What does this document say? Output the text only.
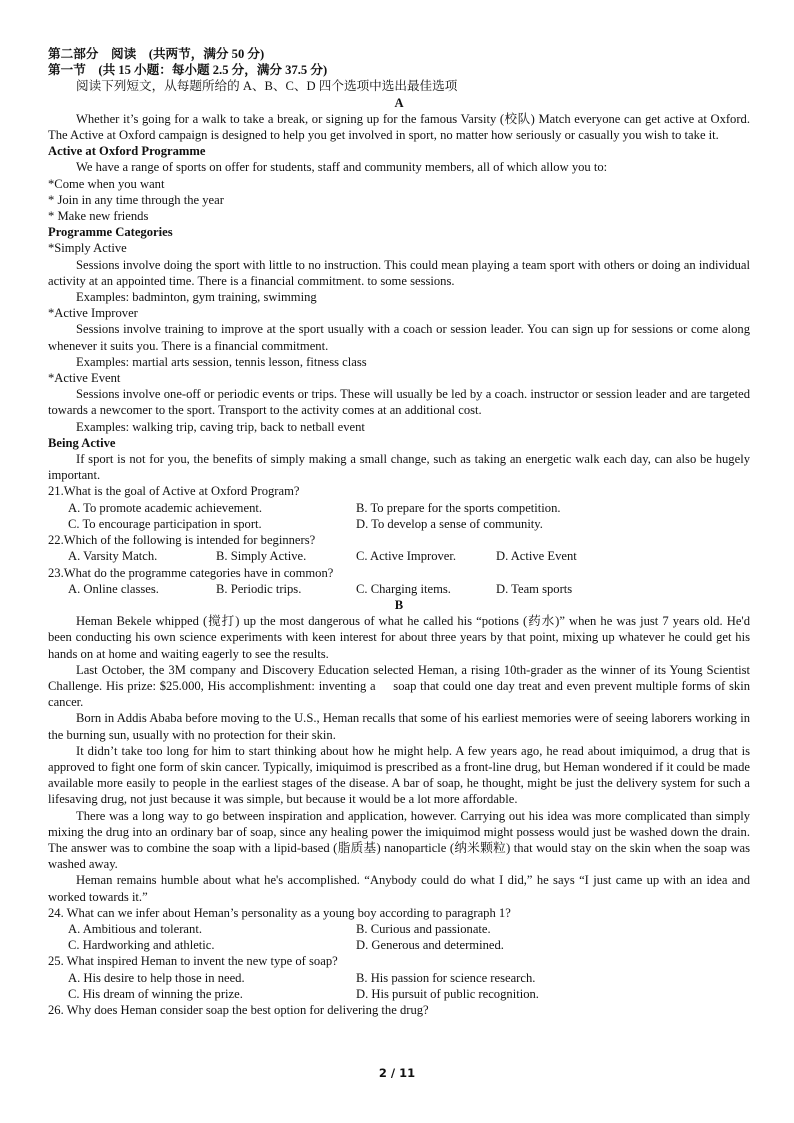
第二部分　阅读　(共两节，满分 50 分)
第一节　(共 15 小题：每小题 2.5 分，满分 37.5 分)
阅读下列短文，从每题所给的 A、B、C、D 四个选项中选出最佳选项
A
Whether it’s going for a walk to take a break, or signing up for the famous Varsity (校队) Match everyone can get active at Oxford. The Active at Oxford campaign is designed to help you get involved in sport, no matter how seriously or casually you wish to take it.
Active at Oxford Programme
We have a range of sports on offer for students, staff and community members, all of which allow you to:
*Come when you want
* Join in any time through the year
* Make new friends
Programme Categories
*Simply Active
Sessions involve doing the sport with little to no instruction. This could mean playing a team sport with others or doing an individual activity at an appointed time. There is a financial commitment. to some sessions.
Examples: badminton, gym training, swimming
*Active Improver
Sessions involve training to improve at the sport usually with a coach or session leader. You can sign up for sessions or come along whenever it suits you. There is a financial commitment.
Examples: martial arts session, tennis lesson, fitness class
*Active Event
Sessions involve one-off or periodic events or trips. These will usually be led by a coach. instructor or session leader and are targeted towards a newcomer to the sport. Transport to the activity comes at an additional cost.
Examples: walking trip, caving trip, back to netball event
Being Active
If sport is not for you, the benefits of simply making a small change, such as taking an energetic walk each day, can also be hugely important.
21.What is the goal of Active at Oxford Program?
A. To promote academic achievement.	B. To prepare for the sports competition.
C. To encourage participation in sport.	D. To develop a sense of community.
22.Which of the following is intended for beginners?
A. Varsity Match.	B. Simply Active.	C. Active Improver.	D. Active Event
23.What do the programme categories have in common?
A. Online classes.	B. Periodic trips.	C. Charging items.	D. Team sports
B
Heman Bekele whipped (搅打) up the most dangerous of what he called his “potions (药水)” when he was just 7 years old. He'd been conducting his own science experiments with keen interest for about three years by that point, mixing up whatever he could get his hands on at home and waiting eagerly to see the results.
Last October, the 3M company and Discovery Education selected Heman, a rising 10th-grader as the winner of its Young Scientist Challenge. His prize: $25.000, His accomplishment: inventing a　 soap that could one day treat and even prevent multiple forms of skin cancer.
Born in Addis Ababa before moving to the U.S., Heman recalls that some of his earliest memories were of seeing laborers working in the burning sun, usually with no protection for their skin.
It didn’t take too long for him to start thinking about how he might help. A few years ago, he read about imiquimod, a drug that is approved to fight one form of skin cancer. Typically, imiquimod is prescribed as a front-line drug, but Heman wondered if it could be made available more easily to people in the earliest stages of the disease. A bar of soap, he thought, might be just the delivery system for such a lifesaving drug, not just because it was simple, but because it would be a lot more affordable.
There was a long way to go between inspiration and application, however. Carrying out his idea was more complicated than simply mixing the drug into an ordinary bar of soap, since any healing power the imiquimod might possess would just be washed down the drain. The answer was to combine the soap with a lipid-based (脂质基) nanoparticle (纳米颗粒) that would stay on the skin when the soap was washed away.
Heman remains humble about what he's accomplished. “Anybody could do what I did,” he says “I just came up with an idea and worked towards it.”
24. What can we infer about Heman’s personality as a young boy according to paragraph 1?
A. Ambitious and tolerant.	B. Curious and passionate.
C. Hardworking and athletic.	D. Generous and determined.
25. What inspired Heman to invent the new type of soap?
A. His desire to help those in need.	B. His passion for science research.
C. His dream of winning the prize.	D. His pursuit of public recognition.
26. Why does Heman consider soap the best option for delivering the drug?
2 / 11
